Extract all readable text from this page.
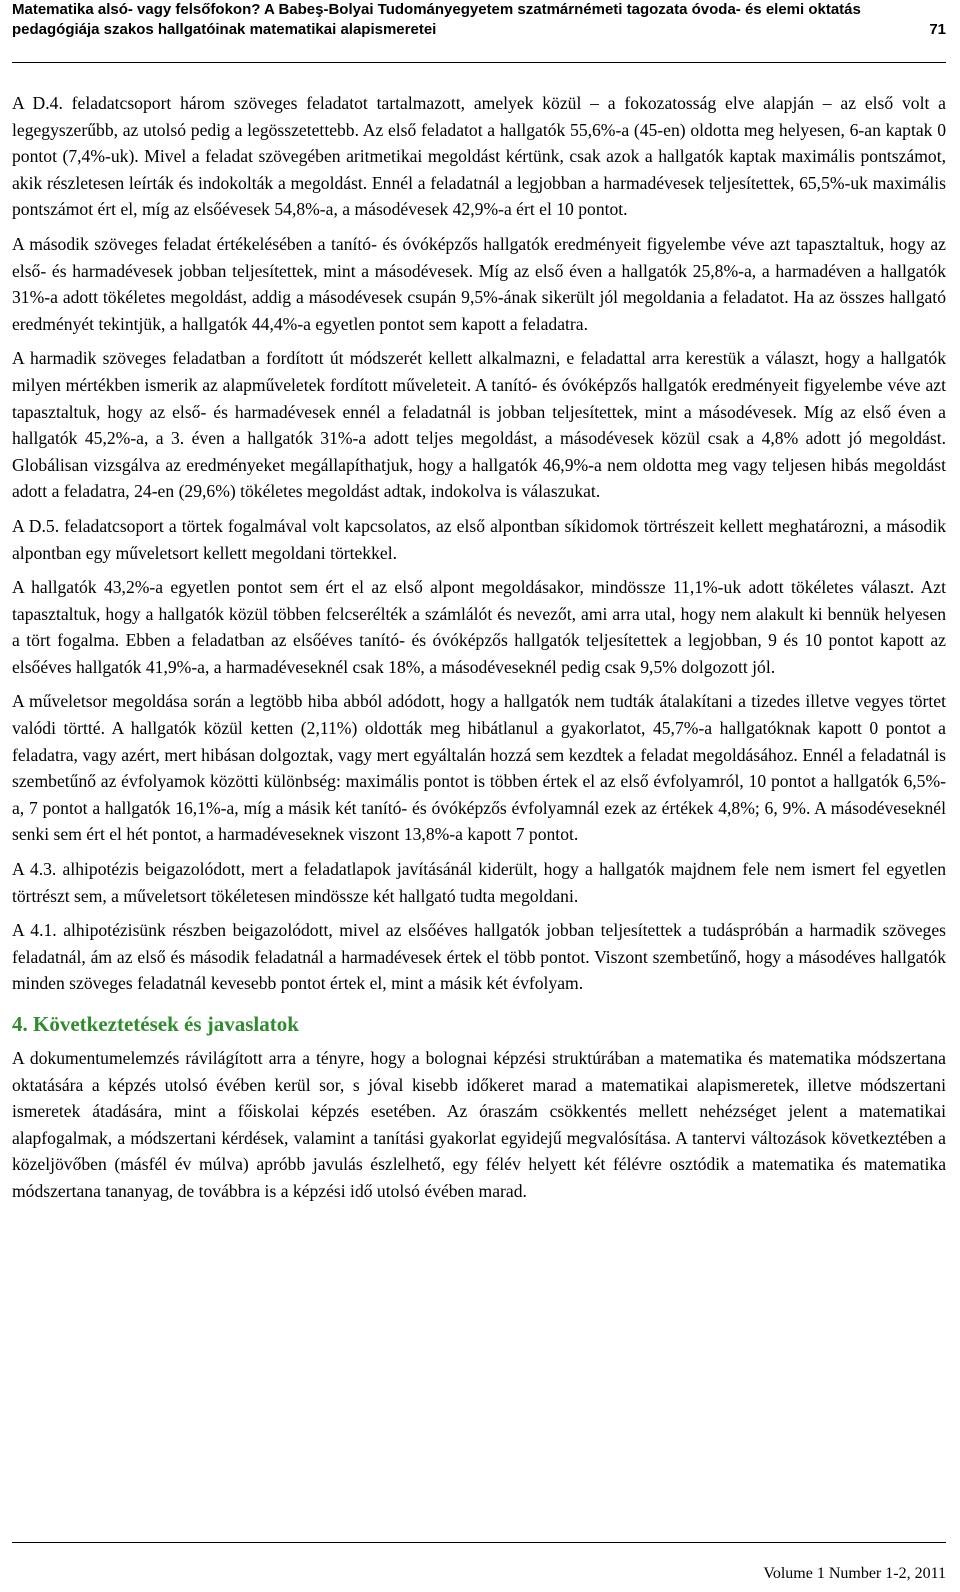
Matematika alsó- vagy felsőfokon? A Babeş-Bolyai Tudományegyetem szatmárnémeti tagozata óvoda- és elemi oktatás pedagógiája szakos hallgatóinak matematikai alapismeretei	71

A D.4. feladatcsoport három szöveges feladatot tartalmazott, amelyek közül – a fokozatosság elve alapján – az első volt a legegyszerűbb, az utolsó pedig a legösszetettebb. Az első feladatot a hallgatók 55,6%-a (45-en) oldotta meg helyesen, 6-an kaptak 0 pontot (7,4%-uk). Mivel a feladat szövegében aritmetikai megoldást kértünk, csak azok a hallgatók kaptak maximális pontszámot, akik részletesen leírták és indokolták a megoldást. Ennél a feladatnál a legjobban a harmadévesek teljesítettek, 65,5%-uk maximális pontszámot ért el, míg az elsőévesek 54,8%-a, a másodévesek 42,9%-a ért el 10 pontot.

A második szöveges feladat értékelésében a tanító- és óvóképzős hallgatók eredményeit figyelembe véve azt tapasztaltuk, hogy az első- és harmadévesek jobban teljesítettek, mint a másodévesek. Míg az első éven a hallgatók 25,8%-a, a harmadéven a hallgatók 31%-a adott tökéletes megoldást, addig a másodévesek csupán 9,5%-ának sikerült jól megoldania a feladatot. Ha az összes hallgató eredményét tekintjük, a hallgatók 44,4%-a egyetlen pontot sem kapott a feladatra.

A harmadik szöveges feladatban a fordított út módszerét kellett alkalmazni, e feladattal arra kerestük a választ, hogy a hallgatók milyen mértékben ismerik az alapműveletek fordított műveleteit. A tanító- és óvóképzős hallgatók eredményeit figyelembe véve azt tapasztaltuk, hogy az első- és harmadévesek ennél a feladatnál is jobban teljesítettek, mint a másodévesek. Míg az első éven a hallgatók 45,2%-a, a 3. éven a hallgatók 31%-a adott teljes megoldást, a másodévesek közül csak a 4,8% adott jó megoldást. Globálisan vizsgálva az eredményeket megállapíthatjuk, hogy a hallgatók 46,9%-a nem oldotta meg vagy teljesen hibás megoldást adott a feladatra, 24-en (29,6%) tökéletes megoldást adtak, indokolva is válaszukat.

A D.5. feladatcsoport a törtek fogalmával volt kapcsolatos, az első alpontban síkidomok törtrészeit kellett meghatározni, a második alpontban egy műveletsort kellett megoldani törtekkel.

A hallgatók 43,2%-a egyetlen pontot sem ért el az első alpont megoldásakor, mindössze 11,1%-uk adott tökéletes választ. Azt tapasztaltuk, hogy a hallgatók közül többen felcserélték a számlálót és nevezőt, ami arra utal, hogy nem alakult ki bennük helyesen a tört fogalma. Ebben a feladatban az elsőéves tanító- és óvóképzős hallgatók teljesítettek a legjobban, 9 és 10 pontot kapott az elsőéves hallgatók 41,9%-a, a harmadéveseknél csak 18%, a másodéveseknél pedig csak 9,5% dolgozott jól.

A műveletsor megoldása során a legtöbb hiba abból adódott, hogy a hallgatók nem tudták átalakítani a tizedes illetve vegyes törtet valódi törtté. A hallgatók közül ketten (2,11%) oldották meg hibátlanul a gyakorlatot, 45,7%-a hallgatóknak kapott 0 pontot a feladatra, vagy azért, mert hibásan dolgoztak, vagy mert egyáltalán hozzá sem kezdtek a feladat megoldásához. Ennél a feladatnál is szembetűnő az évfolyamok közötti különbség: maximális pontot is többen értek el az első évfolyamról, 10 pontot a hallgatók 6,5%-a, 7 pontot a hallgatók 16,1%-a, míg a másik két tanító- és óvóképzős évfolyamnál ezek az értékek 4,8%; 6, 9%. A másodéveseknél senki sem ért el hét pontot, a harmadéveseknek viszont 13,8%-a kapott 7 pontot.

A 4.3. alhipotézis beigazolódott, mert a feladatlapok javításánál kiderült, hogy a hallgatók majdnem fele nem ismert fel egyetlen törtrészt sem, a műveletsort tökéletesen mindössze két hallgató tudta megoldani.

A 4.1. alhipotézisünk részben beigazolódott, mivel az elsőéves hallgatók jobban teljesítettek a tudáspróbán a harmadik szöveges feladatnál, ám az első és második feladatnál a harmadévesek értek el több pontot. Viszont szembetűnő, hogy a másodéves hallgatók minden szöveges feladatnál kevesebb pontot értek el, mint a másik két évfolyam.

4. Következtetések és javaslatok

A dokumentumelemzés rávilágított arra a tényre, hogy a bolognai képzési struktúrában a matematika és matematika módszertana oktatására a képzés utolsó évében kerül sor, s jóval kisebb időkeret marad a matematikai alapismeretek, illetve módszertani ismeretek átadására, mint a főiskolai képzés esetében. Az óraszám csökkentés mellett nehézséget jelent a matematikai alapfogalmak, a módszertani kérdések, valamint a tanítási gyakorlat egyidejű megvalósítása. A tantervi változások következtében a közeljövőben (másfél év múlva) apróbb javulás észlelhető, egy félév helyett két félévre osztódik a matematika és matematika módszertana tananyag, de továbbra is a képzési idő utolsó évében marad.

Volume 1 Number 1-2, 2011
